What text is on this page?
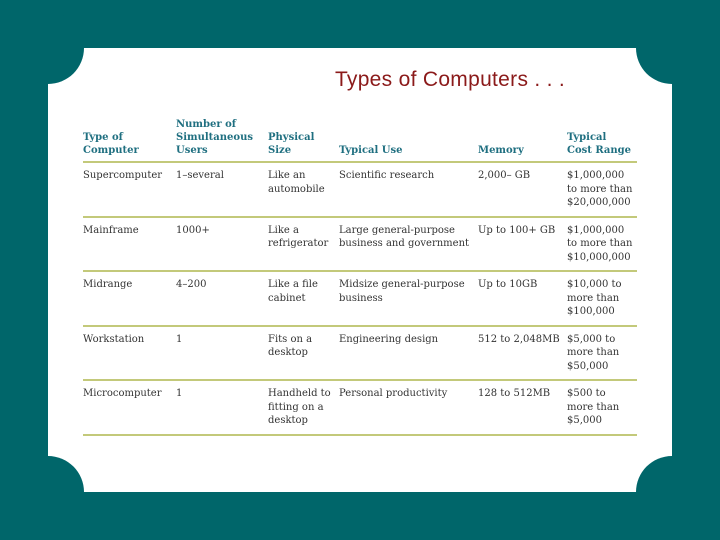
Types of Computers . . .
Type of Computer	Number of Simultaneous Users	Physical Size	Typical Use	Memory	Typical Cost Range
Supercomputer	1–several	Like an automobile	Scientific research	2,000– GB	$1,000,000 to more than $20,000,000
Mainframe	1000+	Like a refrigerator	Large general-purpose business and government	Up to 100+ GB	$1,000,000 to more than $10,000,000
Midrange	4–200	Like a file cabinet	Midsize general-purpose business	Up to 10GB	$10,000 to more than $100,000
Workstation	1	Fits on a desktop	Engineering design	512 to 2,048MB	$5,000 to more than $50,000
Microcomputer	1	Handheld to fitting on a desktop	Personal productivity	128 to 512MB	$500 to more than $5,000
